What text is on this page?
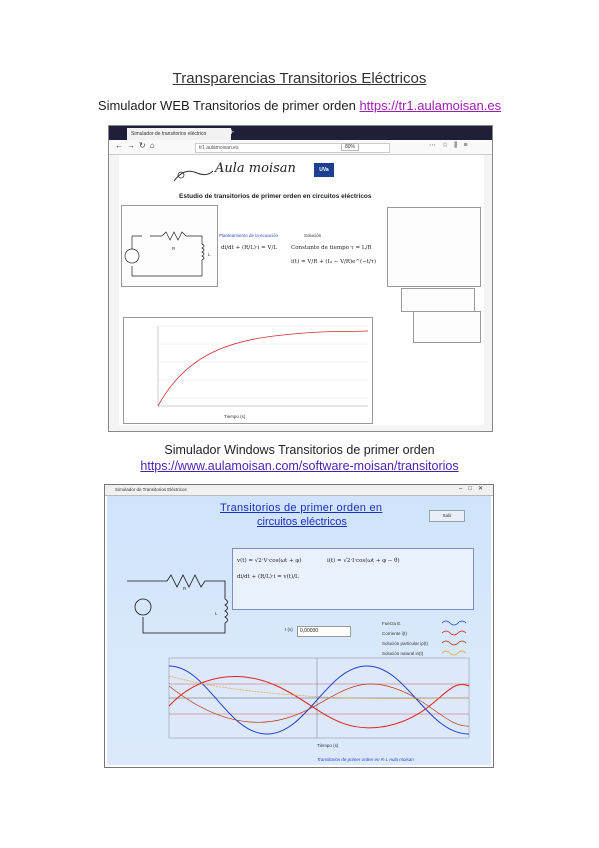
Transparencias Transitorios Eléctricos
Simulador WEB Transitorios de primer orden https://tr1.aulamoisan.es
Simulador de transitorios eléctrico	+
←→↻⌂	tr1.aulamoisan.es	80%	⋯☆⫼≡
Aula moisan	UVa
Estudio de transitorios de primer orden en circuitos eléctricos
R
L
Planteamiento de la ecuación
di/dt + (R/L)·i = V/L
Solución
Constante de tiempo τ = L/R
i(t) = V/R + (I₀ − V/R)e^(−t/τ)
Tiempo (s)
Simulador Windows Transitorios de primer orden
https://www.aulamoisan.com/software-moisan/transitorios
Simulador de Transitorios Eléctricos	–□✕
Transitorios de primer orden en
circuitos eléctricos
Salir
R
L
v(t) = √2·V·cos(ωt + φ)
di/dt + (R/L)·i = v(t)/L
i(t) = √2·I·cos(ωt + φ − θ)
t (s)	0,00000
Fuerza E.
Corriente i(t)
Solución particular ip(t)
Solución natural in(t)
Tiempo (s)
Transitorios de primer orden en R-L Aula moisan
